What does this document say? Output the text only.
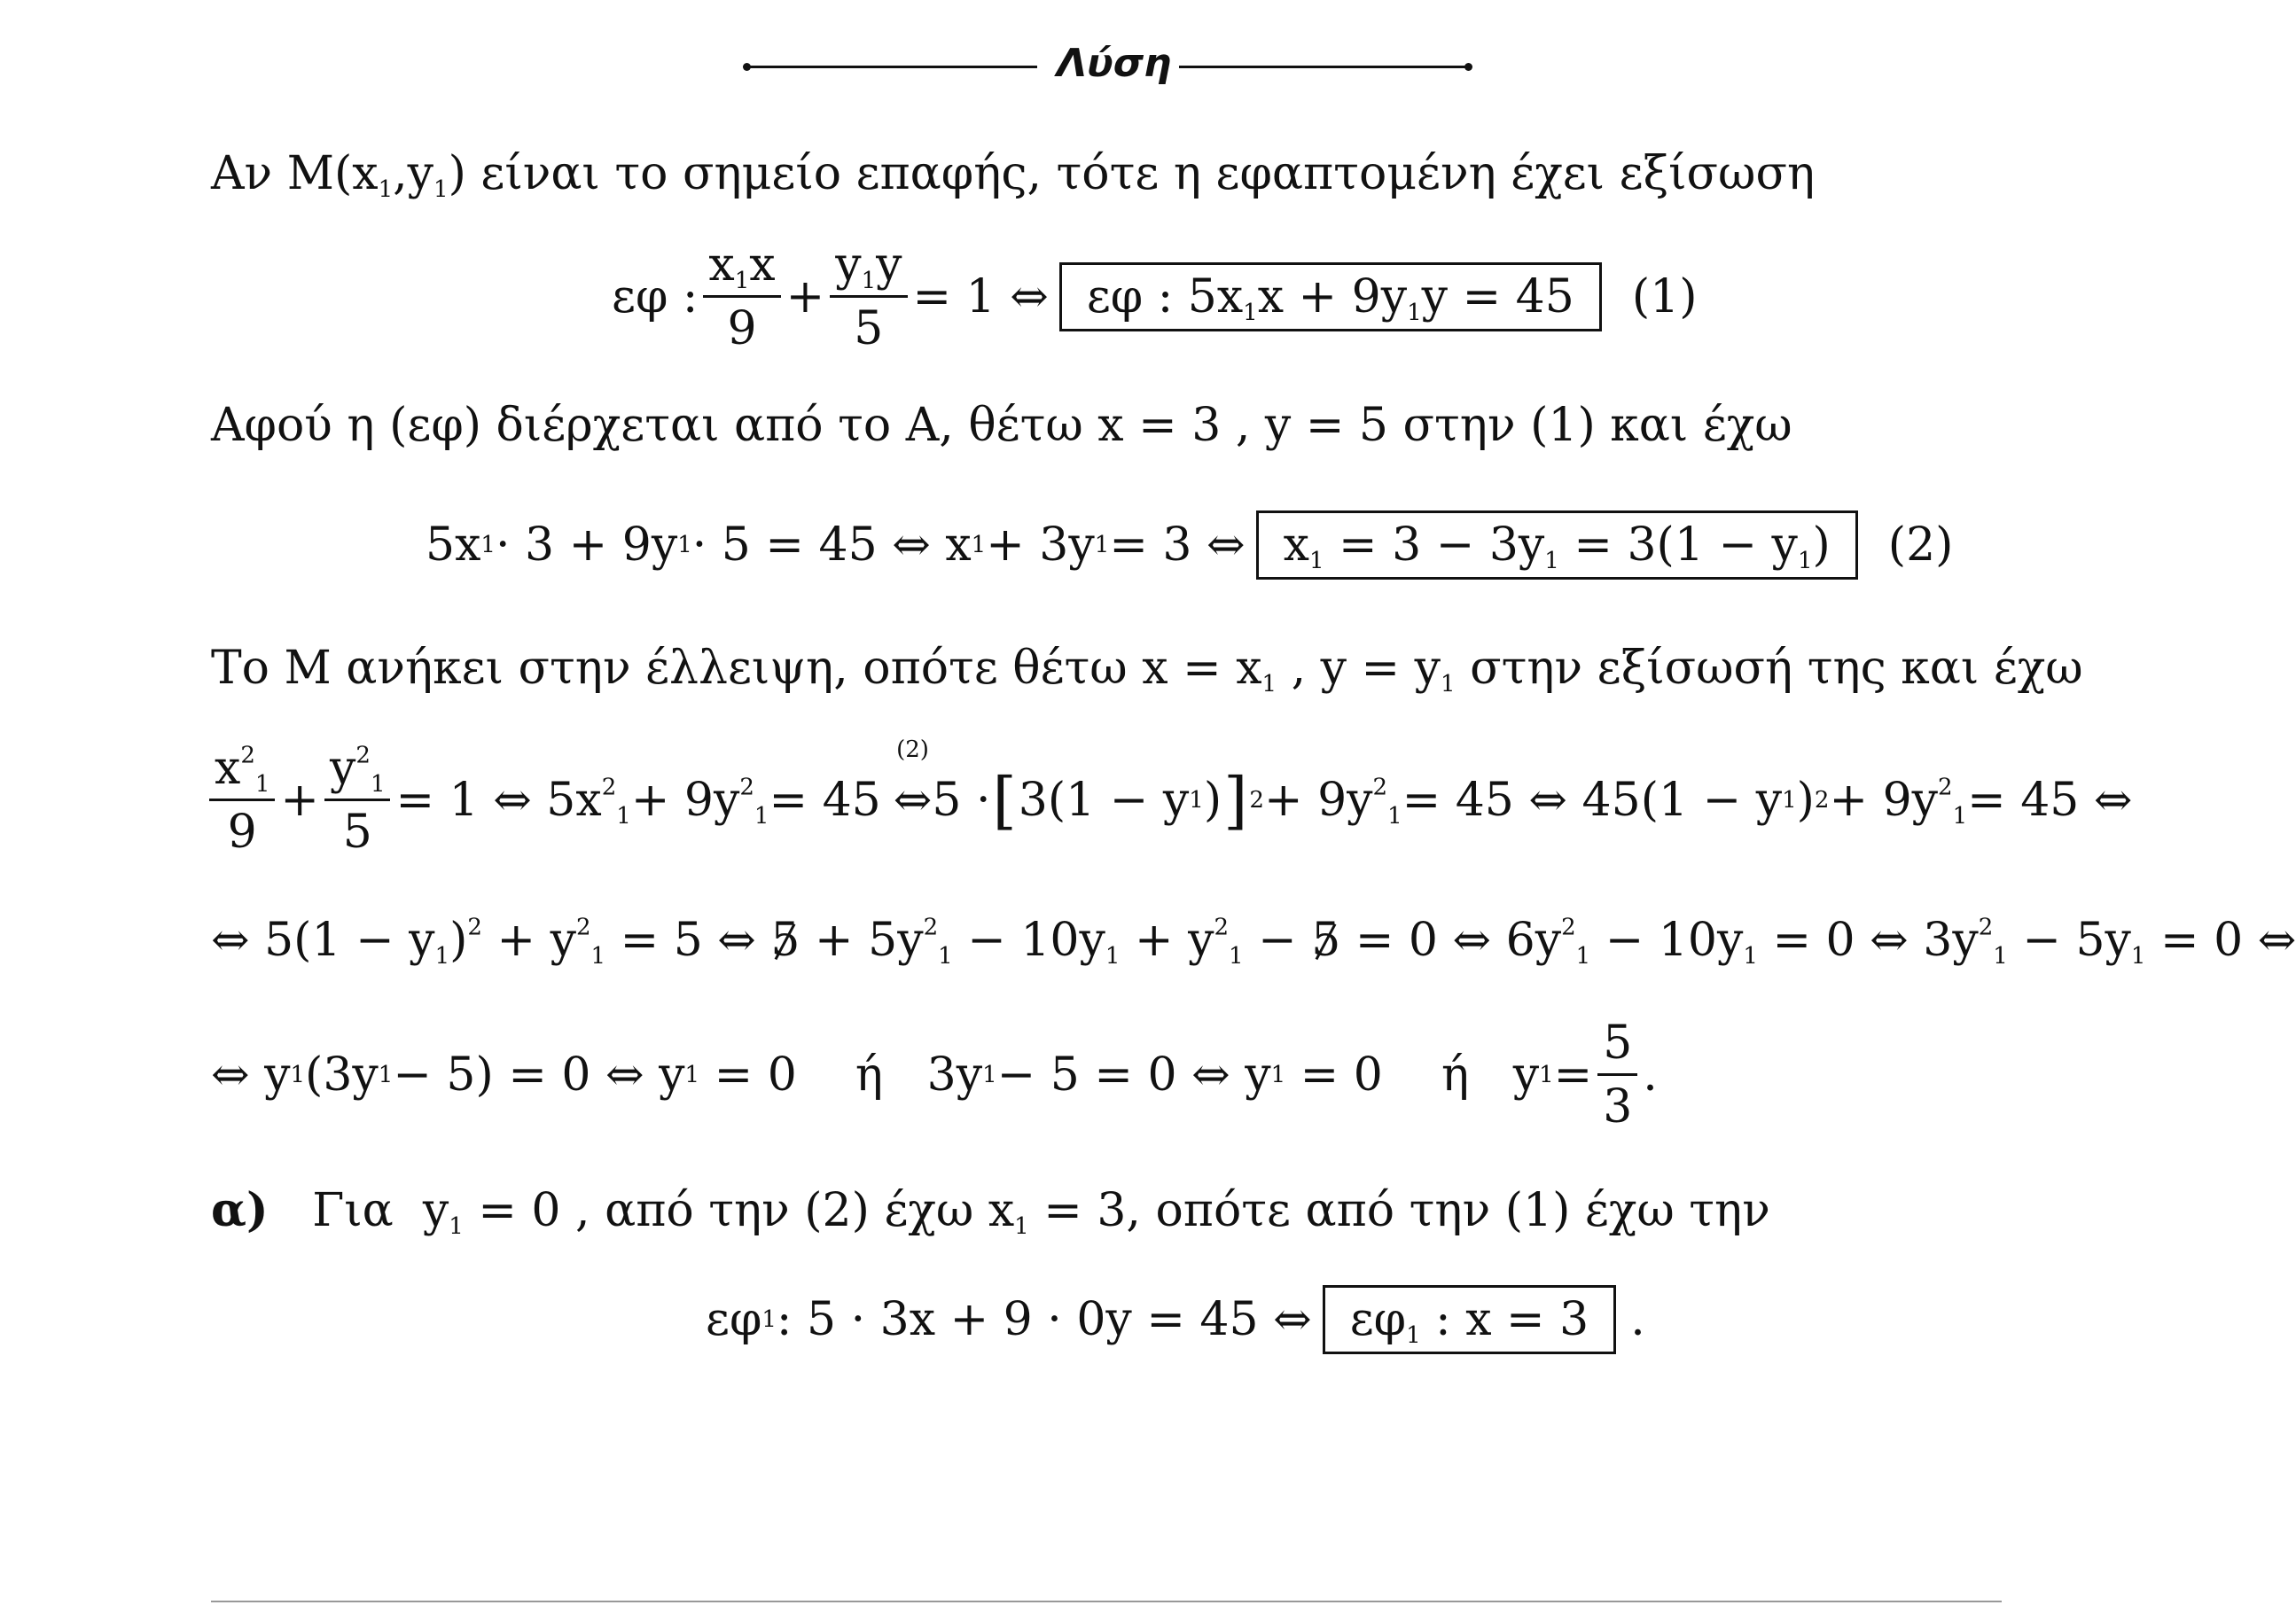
Λύση
Αν $M(x_1,y_1)$ είναι το σημείο επαφής, τότε η εφαπτομένη έχει εξίσωση
εφ : $\frac{x_1x}{9} + \frac{y_1y}{5} = 1$ ⇔ εφ : $5x_1x + 9y_1y = 45$	(1)
Αφού η (εφ) διέρχεται από το A, θέτω x = 3 , y = 5 στην (1) και έχω
5x 1 · 3 + 9y 1 · 5 = 45 ⇔ x 1 + 3y 1 = 3 ⇔ $x_1 = 3 - 3y_1 = 3(1 - y_1)$	(2)
Το M ανήκει στην έλλειψη, οπότε θέτω $x = x_1$ , $y = y_1$ στην εξίσωσή της και έχω
$\frac{x^2_1}{9} + \frac{y^2_1}{5} = 1$ ⇔ 5x $^2_1$ + 9y $^2_1$ = 45
(2)
⇔ 5 · [ 3(1 − y 1 ) ] 2 + 9y $^2_1$ = 45 ⇔ 45(1 − y 1 ) 2 + 9y $^2_1$ = 45 ⇔
⇔ $5(1 - y_1)^2 + y^2_1 = 5$ ⇔ $5 + 5y^2_1 - 10y_1 + y^2_1 - 5 = 0$ ⇔ $6y^2_1 - 10y_1 = 0$ ⇔ $3y^2_1 - 5y_1 = 0$ ⇔
⇔ y 1 (3y 1 − 5) = 0 ⇔ y 1 = 0    ή   3y 1 − 5 = 0 ⇔ y 1 = 0    ή   y $1 = \frac{5}{3}$ .
α)   Για  $y_1 = 0$ , από την (2) έχω $x_1 = 3$, οπότε από την (1) έχω την
εφ 1 : 5 · 3x + 9 · 0y = 45 ⇔ $\varepsilon\varphi_1$ : x = 3 .
